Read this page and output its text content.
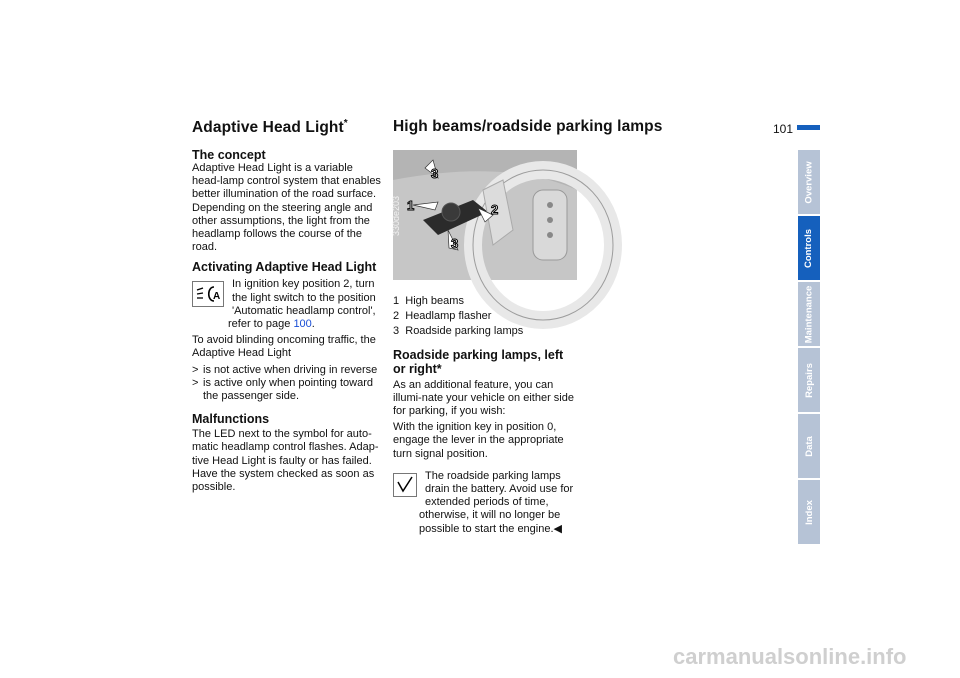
Adaptive Head Light*	High beams/roadside parking lamps	101
The concept

Adaptive Head Light is a variable head-lamp control system that enables better illumination of the road surface. Depending on the steering angle and other assumptions, the light from the headlamp follows the course of the road.

Activating Adaptive Head Light
A

In ignition key position 2, turn the light switch to the position 'Automatic headlamp control', refer to page 100.

To avoid blinding oncoming traffic, the Adaptive Head Light

> is not active when driving in reverse
> is active only when pointing toward the passenger side.
Malfunctions

The LED next to the symbol for auto-matic headlamp control flashes. Adap-tive Head Light is faulty or has failed. Have the system checked as soon as possible.

3
1	2
3
330de203

1 High beams

2 Headlamp flasher

3 Roadside parking lamps

Roadside parking lamps, left or right*

As an additional feature, you can illumi-nate your vehicle on either side for parking, if you wish:

With the ignition key in position 0, engage the lever in the appropriate turn signal position.

The roadside parking lamps drain the battery. Avoid use for extended periods of time, otherwise, it will no longer be possible to start the engine.◀

Overview
Controls
Maintenance
Repairs
Data
Index
carmanualsonline.info
